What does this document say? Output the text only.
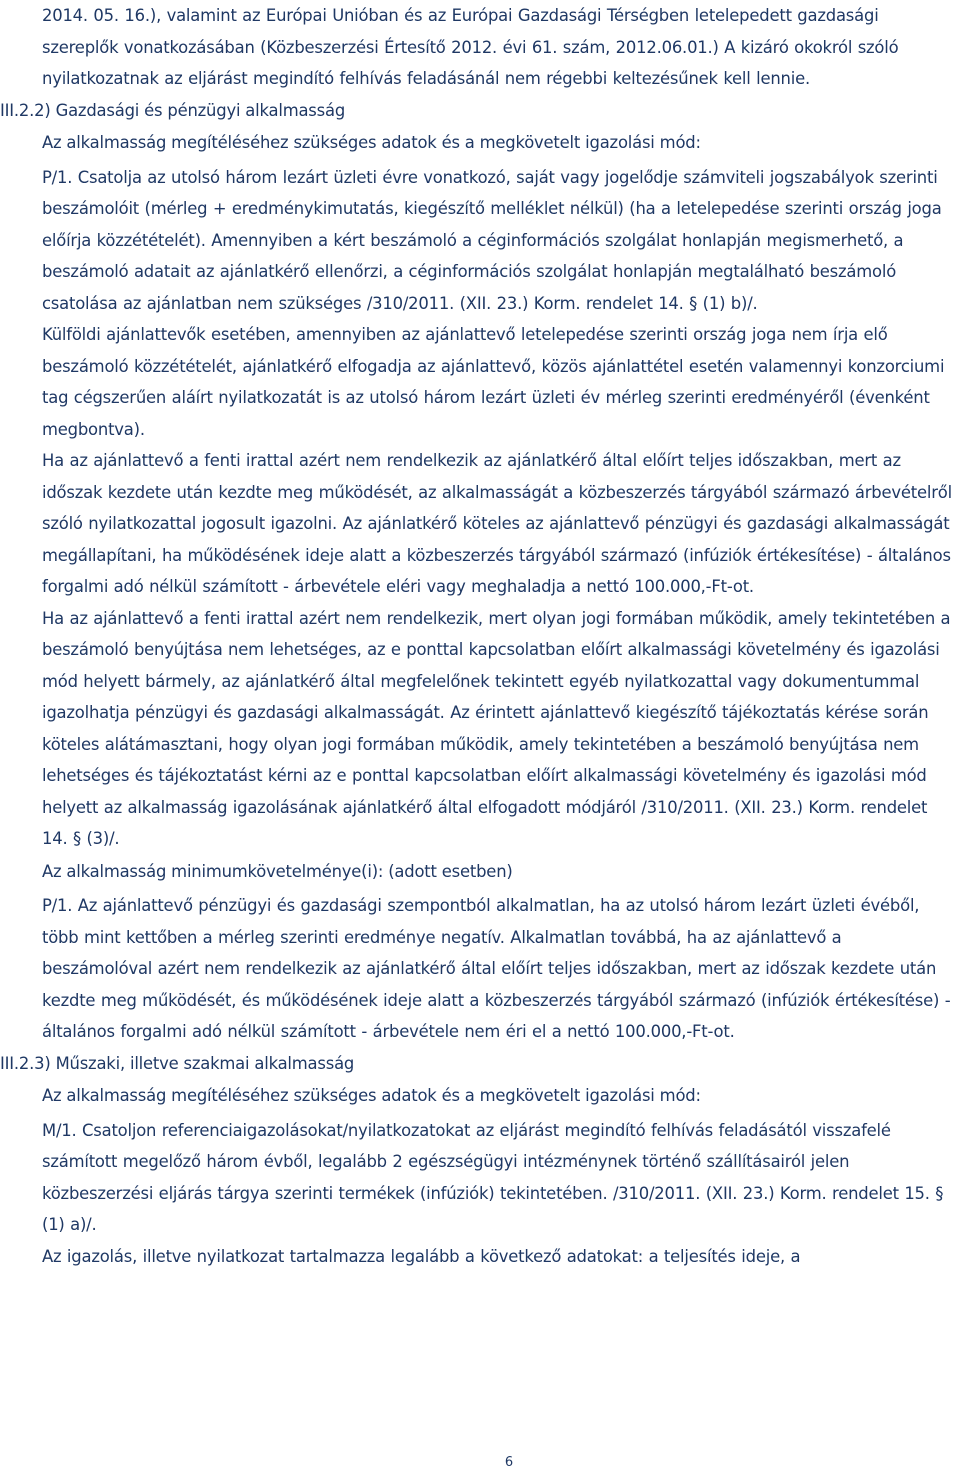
2014. 05. 16.), valamint az Európai Unióban és az Európai Gazdasági Térségben letelepedett gazdasági szereplők vonatkozásában (Közbeszerzési Értesítő 2012. évi 61. szám, 2012.06.01.) A kizáró okokról szóló nyilatkozatnak az eljárást megindító felhívás feladásánál nem régebbi keltezésűnek kell lennie.

III.2.2) Gazdasági és pénzügyi alkalmasság
Az alkalmasság megítéléséhez szükséges adatok és a megkövetelt igazolási mód:

P/1. Csatolja az utolsó három lezárt üzleti évre vonatkozó, saját vagy jogelődje számviteli jogszabályok szerinti beszámolóit (mérleg + eredménykimutatás, kiegészítő melléklet nélkül) (ha a letelepedése szerinti ország joga előírja közzétételét). Amennyiben a kért beszámoló a céginformációs szolgálat honlapján megismerhető, a beszámoló adatait az ajánlatkérő ellenőrzi, a céginformációs szolgálat honlapján megtalálható beszámoló csatolása az ajánlatban nem szükséges /310/2011. (XII. 23.) Korm. rendelet 14. § (1) b)/.

Külföldi ajánlattevők esetében, amennyiben az ajánlattevő letelepedése szerinti ország joga nem írja elő beszámoló közzétételét, ajánlatkérő elfogadja az ajánlattevő, közös ajánlattétel esetén valamennyi konzorciumi tag cégszerűen aláírt nyilatkozatát is az utolsó három lezárt üzleti év mérleg szerinti eredményéről (évenként megbontva).

Ha az ajánlattevő a fenti irattal azért nem rendelkezik az ajánlatkérő által előírt teljes időszakban, mert az időszak kezdete után kezdte meg működését, az alkalmasságát a közbeszerzés tárgyából származó árbevételről szóló nyilatkozattal jogosult igazolni. Az ajánlatkérő köteles az ajánlattevő pénzügyi és gazdasági alkalmasságát megállapítani, ha működésének ideje alatt a közbeszerzés tárgyából származó (infúziók értékesítése) - általános forgalmi adó nélkül számított - árbevétele eléri vagy meghaladja a nettó 100.000,-Ft-ot.

Ha az ajánlattevő a fenti irattal azért nem rendelkezik, mert olyan jogi formában működik, amely tekintetében a beszámoló benyújtása nem lehetséges, az e ponttal kapcsolatban előírt alkalmassági követelmény és igazolási mód helyett bármely, az ajánlatkérő által megfelelőnek tekintett egyéb nyilatkozattal vagy dokumentummal igazolhatja pénzügyi és gazdasági alkalmasságát. Az érintett ajánlattevő kiegészítő tájékoztatás kérése során köteles alátámasztani, hogy olyan jogi formában működik, amely tekintetében a beszámoló benyújtása nem lehetséges és tájékoztatást kérni az e ponttal kapcsolatban előírt alkalmassági követelmény és igazolási mód helyett az alkalmasság igazolásának ajánlatkérő által elfogadott módjáról /310/2011. (XII. 23.) Korm. rendelet 14. § (3)/.

Az alkalmasság minimumkövetelménye(i): (adott esetben)

P/1. Az ajánlattevő pénzügyi és gazdasági szempontból alkalmatlan, ha az utolsó három lezárt üzleti évéből, több mint kettőben a mérleg szerinti eredménye negatív. Alkalmatlan továbbá, ha az ajánlattevő a beszámolóval azért nem rendelkezik az ajánlatkérő által előírt teljes időszakban, mert az időszak kezdete után kezdte meg működését, és működésének ideje alatt a közbeszerzés tárgyából származó (infúziók értékesítése) - általános forgalmi adó nélkül számított - árbevétele nem éri el a nettó 100.000,-Ft-ot.

III.2.3) Műszaki, illetve szakmai alkalmasság
Az alkalmasság megítéléséhez szükséges adatok és a megkövetelt igazolási mód:

M/1. Csatoljon referenciaigazolásokat/nyilatkozatokat az eljárást megindító felhívás feladásától visszafelé számított megelőző három évből, legalább 2 egészségügyi intézménynek történő szállításairól jelen közbeszerzési eljárás tárgya szerinti termékek (infúziók) tekintetében. /310/2011. (XII. 23.) Korm. rendelet 15. § (1) a)/.

Az igazolás, illetve nyilatkozat tartalmazza legalább a következő adatokat: a teljesítés ideje, a

6
